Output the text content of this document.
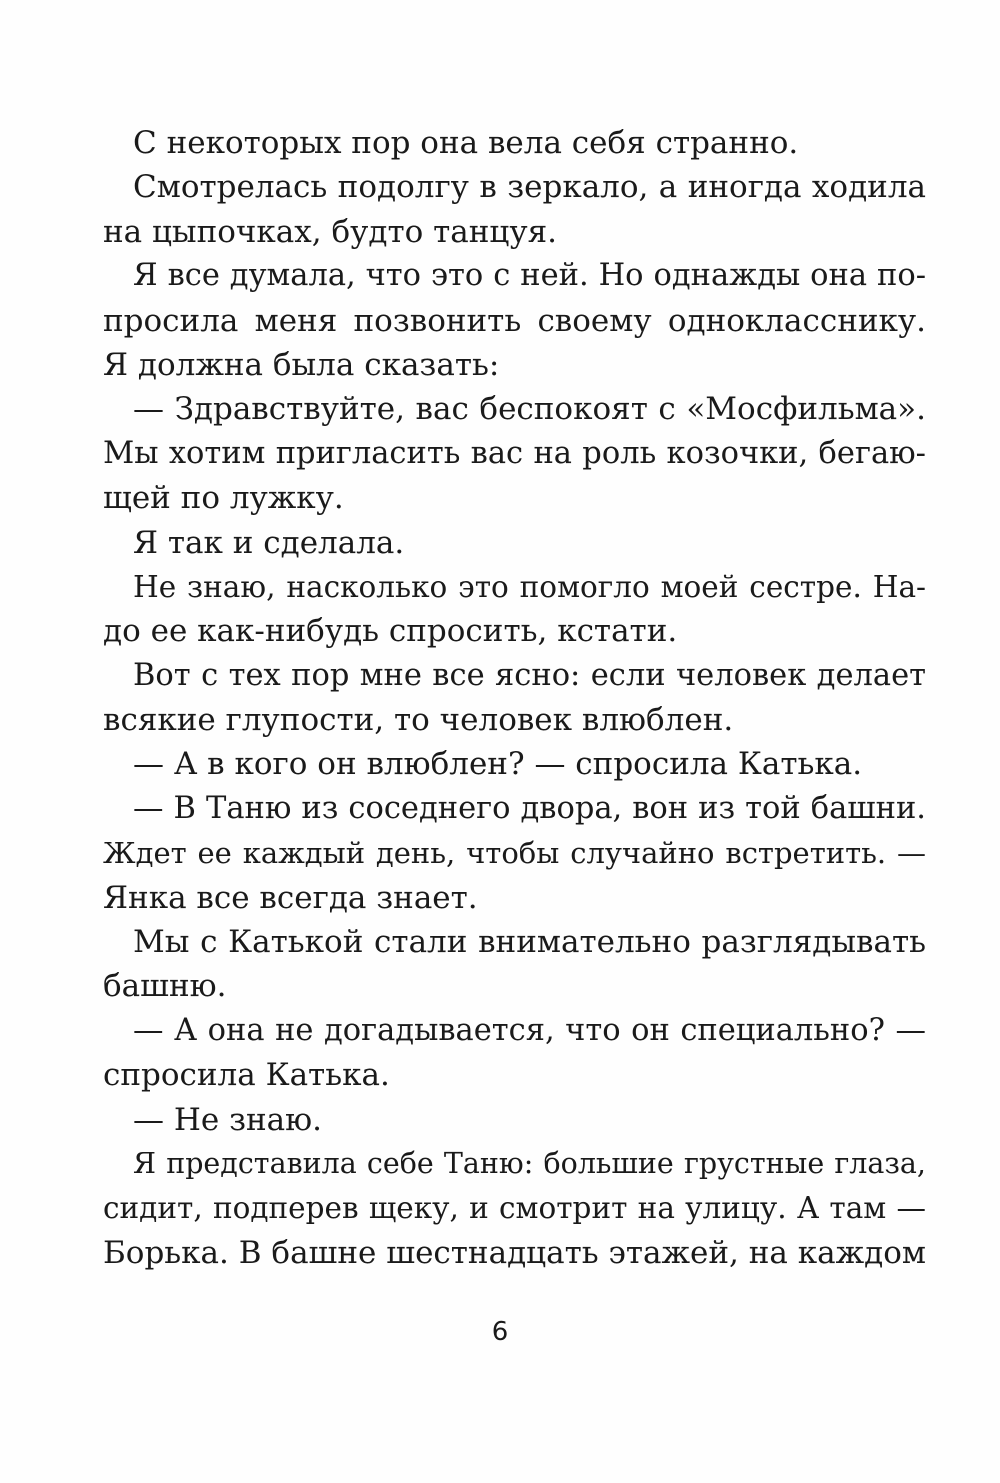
С некоторых пор она вела себя странно.
Смотрелась подолгу в зеркало, а иногда ходила
на цыпочках, будто танцуя.
Я все думала, что это с ней. Но однажды она по-
просила меня позвонить своему однокласснику.
Я должна была сказать:
— Здравствуйте, вас беспокоят с «Мосфильма».
Мы хотим пригласить вас на роль козочки, бегаю-
щей по лужку.
Я так и сделала.
Не знаю, насколько это помогло моей сестре. На-
до ее как-нибудь спросить, кстати.
Вот с тех пор мне все ясно: если человек делает
всякие глупости, то человек влюблен.
— А в кого он влюблен? — спросила Катька.
— В Таню из соседнего двора, вон из той башни.
Ждет ее каждый день, чтобы случайно встретить. —
Янка все всегда знает.
Мы с Катькой стали внимательно разглядывать
башню.
— А она не догадывается, что он специально? —
спросила Катька.
— Не знаю.
Я представила себе Таню: большие грустные глаза,
сидит, подперев щеку, и смотрит на улицу. А там —
Борька. В башне шестнадцать этажей, на каждом
6
